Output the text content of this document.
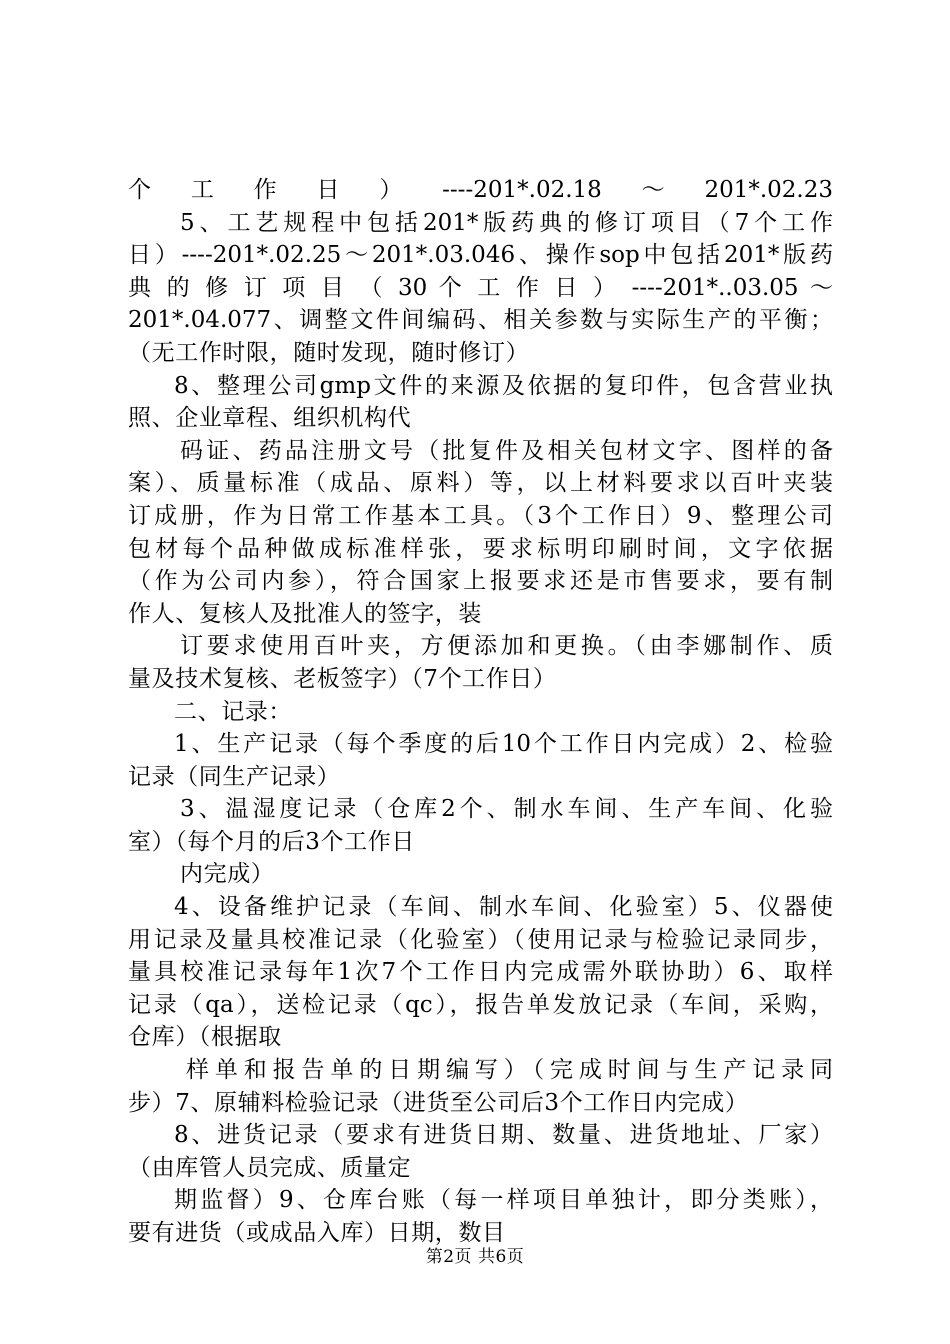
个工作日）----201*.02.18～201*.02.23
5、工艺规程中包括201*版药典的修订项目（7个工作
日）----201*.02.25～201*.03.046、操作sop中包括201*版药
典 的 修 订 项 目 （ 30 个 工 作 日 ） ----201*..03.05 ～
201*.04.077、调整文件间编码、相关参数与实际生产的平衡；
（无工作时限，随时发现，随时修订）
8、整理公司gmp文件的来源及依据的复印件，包含营业执
照、企业章程、组织机构代
码证、药品注册文号（批复件及相关包材文字、图样的备
案）、质量标准（成品、原料）等，以上材料要求以百叶夹装
订成册，作为日常工作基本工具。（3个工作日）9、整理公司
包材每个品种做成标准样张，要求标明印刷时间，文字依据
（作为公司内参），符合国家上报要求还是市售要求，要有制
作人、复核人及批准人的签字，装
订要求使用百叶夹，方便添加和更换。（由李娜制作、质
量及技术复核、老板签字）（7个工作日）
二、记录：
1、生产记录（每个季度的后10个工作日内完成）2、检验
记录（同生产记录）
3、温湿度记录（仓库2个、制水车间、生产车间、化验
室）（每个月的后3个工作日
内完成）
4、设备维护记录（车间、制水车间、化验室）5、仪器使
用记录及量具校准记录（化验室）（使用记录与检验记录同步，
量具校准记录每年1次7个工作日内完成需外联协助）6、取样
记录（qa），送检记录（qc），报告单发放记录（车间，采购，
仓库）（根据取
样单和报告单的日期编写）（完成时间与生产记录同
步）7、原辅料检验记录（进货至公司后3个工作日内完成）
8、进货记录（要求有进货日期、数量、进货地址、厂家）
（由库管人员完成、质量定
期监督）9、仓库台账（每一样项目单独计，即分类账），
要有进货（或成品入库）日期，数目
第2页 共6页
